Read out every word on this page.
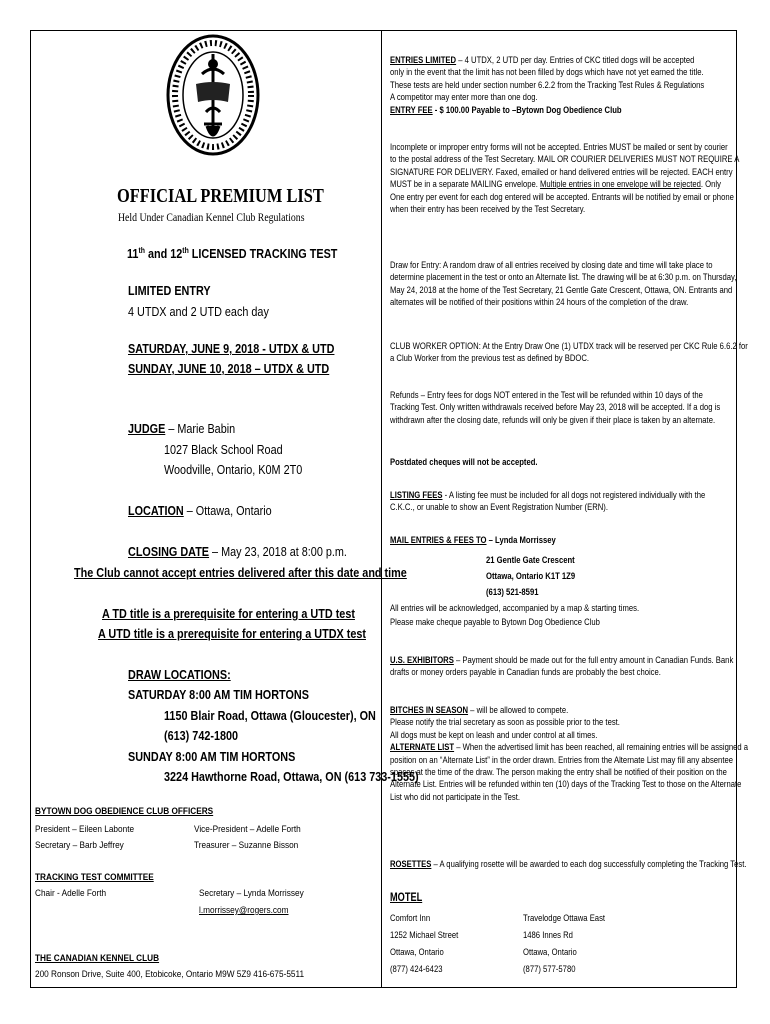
OFFICIAL PREMIUM LIST
Held Under Canadian Kennel Club Regulations
11th and 12th LICENSED TRACKING TEST
LIMITED ENTRY
4 UTDX and 2 UTD each day
SATURDAY, JUNE 9, 2018 - UTDX & UTD
SUNDAY, JUNE 10, 2018 – UTDX & UTD
JUDGE – Marie Babin
1027 Black School Road
Woodville, Ontario, K0M 2T0
LOCATION – Ottawa, Ontario
CLOSING DATE – May 23, 2018 at 8:00 p.m.
The Club cannot accept entries delivered after this date and time
A TD title is a prerequisite for entering a UTD test
A UTD title is a prerequisite for entering a UTDX test
DRAW LOCATIONS:
SATURDAY 8:00 AM TIM HORTONS
1150 Blair Road, Ottawa (Gloucester), ON
(613) 742-1800
SUNDAY 8:00 AM TIM HORTONS
3224 Hawthorne Road, Ottawa, ON (613 733-1555)
BYTOWN DOG OBEDIENCE CLUB OFFICERS
President – Eileen Labonte	Vice-President – Adelle Forth
Secretary – Barb Jeffrey	Treasurer – Suzanne Bisson
TRACKING TEST COMMITTEE
Chair - Adelle Forth	Secretary – Lynda Morrissey
l.morrissey@rogers.com
THE CANADIAN KENNEL CLUB
200 Ronson Drive, Suite 400, Etobicoke, Ontario M9W 5Z9 416-675-5511
ENTRIES LIMITED – 4 UTDX, 2 UTD per day. Entries of CKC titled dogs will be accepted
only in the event that the limit has not been filled by dogs which have not yet earned the title.
These tests are held under section number 6.2.2 from the Tracking Test Rules & Regulations
A competitor may enter more than one dog.
ENTRY FEE - $ 100.00 Payable to –Bytown Dog Obedience Club
Incomplete or improper entry forms will not be accepted. Entries MUST be mailed or sent by courier
to the postal address of the Test Secretary. MAIL OR COURIER DELIVERIES MUST NOT REQUIRE A
SIGNATURE FOR DELIVERY. Faxed, emailed or hand delivered entries will be rejected. EACH entry
MUST be in a separate MAILING envelope. Multiple entries in one envelope will be rejected. Only
One entry per event for each dog entered will be accepted. Entrants will be notified by email or phone
when their entry has been received by the Test Secretary.
Draw for Entry: A random draw of all entries received by closing date and time will take place to
determine placement in the test or onto an Alternate list. The drawing will be at 6:30 p.m. on Thursday,
May 24, 2018 at the home of the Test Secretary, 21 Gentle Gate Crescent, Ottawa, ON. Entrants and
alternates will be notified of their positions within 24 hours of the completion of the draw.
CLUB WORKER OPTION: At the Entry Draw One (1) UTDX track will be reserved per CKC Rule 6.6.2 for
a Club Worker from the previous test as defined by BDOC.
Refunds – Entry fees for dogs NOT entered in the Test will be refunded within 10 days of the
Tracking Test. Only written withdrawals received before May 23, 2018 will be accepted. If a dog is
withdrawn after the closing date, refunds will only be given if their place is taken by an alternate.
Postdated cheques will not be accepted.
LISTING FEES - A listing fee must be included for all dogs not registered individually with the
C.K.C., or unable to show an Event Registration Number (ERN).
MAIL ENTRIES & FEES TO – Lynda Morrissey
21 Gentle Gate Crescent
Ottawa, Ontario K1T 1Z9
(613) 521-8591
All entries will be acknowledged, accompanied by a map & starting times.
Please make cheque payable to Bytown Dog Obedience Club
U.S. EXHIBITORS – Payment should be made out for the full entry amount in Canadian Funds. Bank
drafts or money orders payable in Canadian funds are probably the best choice.
BITCHES IN SEASON – will be allowed to compete.
Please notify the trial secretary as soon as possible prior to the test.
All dogs must be kept on leash and under control at all times.
ALTERNATE LIST – When the advertised limit has been reached, all remaining entries will be assigned a
position on an “Alternate List” in the order drawn. Entries from the Alternate List may fill any absentee
spaces at the time of the draw. The person making the entry shall be notified of their position on the
Alternate List. Entries will be refunded within ten (10) days of the Tracking Test to those on the Alternate
List who did not participate in the Test.
ROSETTES – A qualifying rosette will be awarded to each dog successfully completing the Tracking Test.
MOTEL
Comfort Inn
1252 Michael Street
Ottawa, Ontario
(877) 424-6423
Travelodge Ottawa East
1486 Innes Rd
Ottawa, Ontario
(877) 577-5780
